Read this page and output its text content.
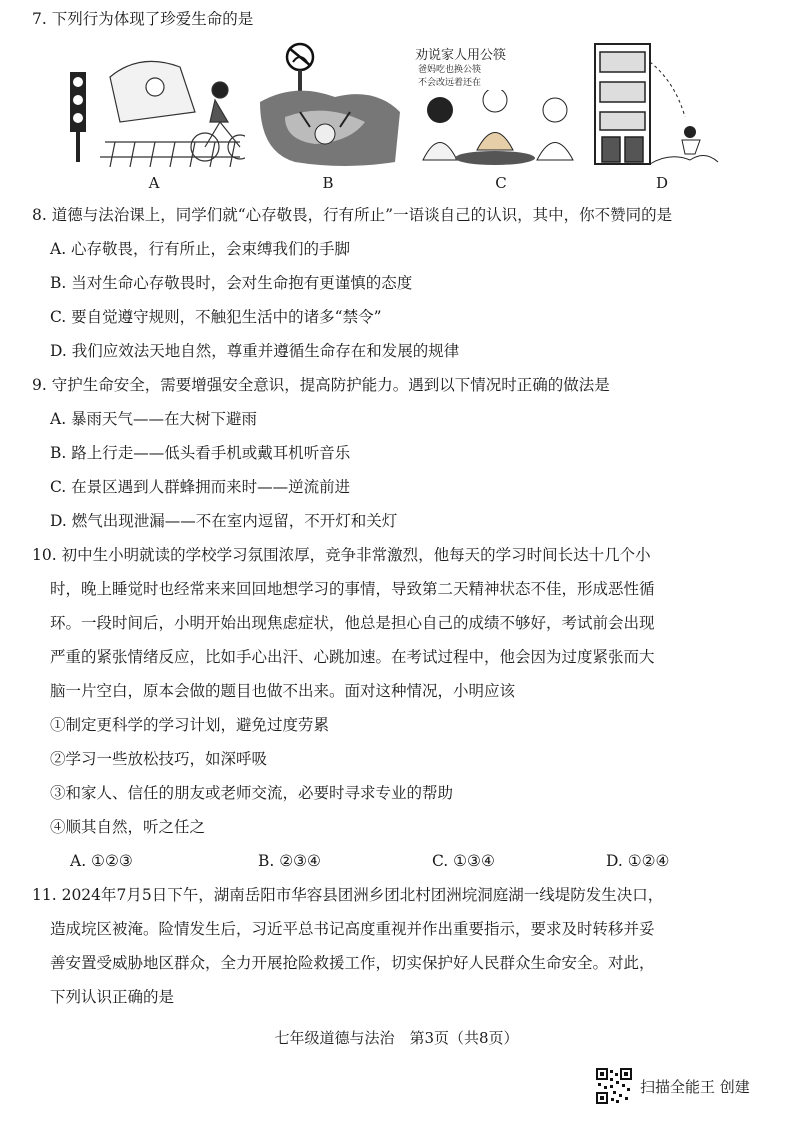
7. 下列行为体现了珍爱生命的是
A	B
劝说家人用公筷
爸妈吃也换公筷
不会改远着还在
C	D
8. 道德与法治课上，同学们就“心存敬畏，行有所止”一语谈自己的认识，其中，你不赞同的是
A. 心存敬畏，行有所止，会束缚我们的手脚
B. 当对生命心存敬畏时，会对生命抱有更谨慎的态度
C. 要自觉遵守规则，不触犯生活中的诸多“禁令”
D. 我们应效法天地自然，尊重并遵循生命存在和发展的规律
9. 守护生命安全，需要增强安全意识，提高防护能力。遇到以下情况时正确的做法是
A. 暴雨天气——在大树下避雨
B. 路上行走——低头看手机或戴耳机听音乐
C. 在景区遇到人群蜂拥而来时——逆流前进
D. 燃气出现泄漏——不在室内逗留，不开灯和关灯
10. 初中生小明就读的学校学习氛围浓厚，竞争非常激烈，他每天的学习时间长达十几个小
时，晚上睡觉时也经常来来回回地想学习的事情，导致第二天精神状态不佳，形成恶性循
环。一段时间后，小明开始出现焦虑症状，他总是担心自己的成绩不够好，考试前会出现
严重的紧张情绪反应，比如手心出汗、心跳加速。在考试过程中，他会因为过度紧张而大
脑一片空白，原本会做的题目也做不出来。面对这种情况，小明应该
①制定更科学的学习计划，避免过度劳累
②学习一些放松技巧，如深呼吸
③和家人、信任的朋友或老师交流，必要时寻求专业的帮助
④顺其自然，听之任之
A. ①②③	B. ②③④	C. ①③④	D. ①②④
11. 2024年7月5日下午，湖南岳阳市华容县团洲乡团北村团洲垸洞庭湖一线堤防发生决口，
造成垸区被淹。险情发生后，习近平总书记高度重视并作出重要指示，要求及时转移并妥
善安置受威胁地区群众，全力开展抢险救援工作，切实保护好人民群众生命安全。对此，
下列认识正确的是
七年级道德与法治　第3页（共8页）
扫描全能王 创建
